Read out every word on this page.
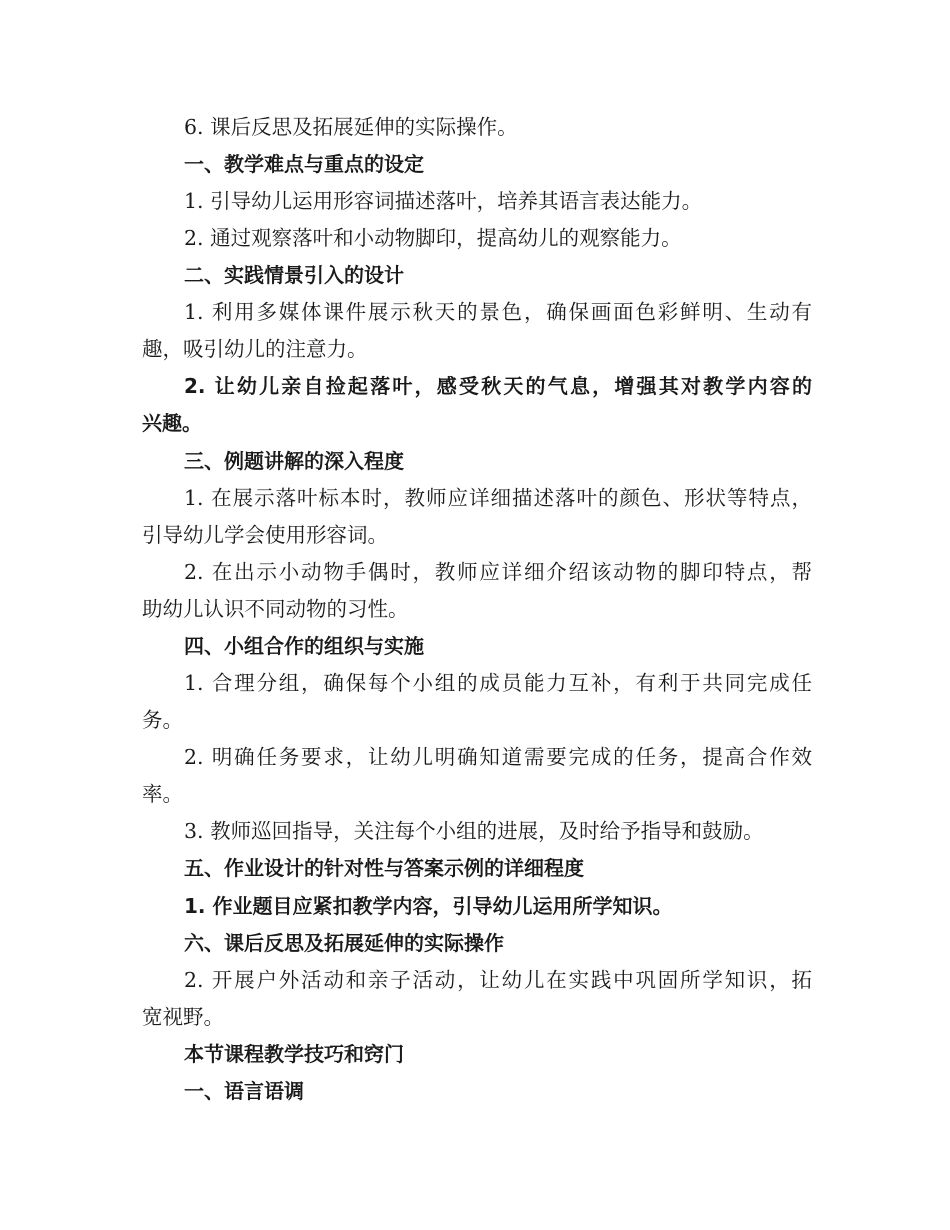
6. 课后反思及拓展延伸的实际操作。
一、教学难点与重点的设定
1. 引导幼儿运用形容词描述落叶，培养其语言表达能力。
2. 通过观察落叶和小动物脚印，提高幼儿的观察能力。
二、实践情景引入的设计
1. 利用多媒体课件展示秋天的景色，确保画面色彩鲜明、生动有
趣，吸引幼儿的注意力。
2. 让幼儿亲自捡起落叶，感受秋天的气息，增强其对教学内容的
兴趣。
三、例题讲解的深入程度
1. 在展示落叶标本时，教师应详细描述落叶的颜色、形状等特点，
引导幼儿学会使用形容词。
2. 在出示小动物手偶时，教师应详细介绍该动物的脚印特点，帮
助幼儿认识不同动物的习性。
四、小组合作的组织与实施
1. 合理分组，确保每个小组的成员能力互补，有利于共同完成任
务。
2. 明确任务要求，让幼儿明确知道需要完成的任务，提高合作效
率。
3. 教师巡回指导，关注每个小组的进展，及时给予指导和鼓励。
五、作业设计的针对性与答案示例的详细程度
1. 作业题目应紧扣教学内容，引导幼儿运用所学知识。
六、课后反思及拓展延伸的实际操作
2. 开展户外活动和亲子活动，让幼儿在实践中巩固所学知识，拓
宽视野。
本节课程教学技巧和窍门
一、语言语调
